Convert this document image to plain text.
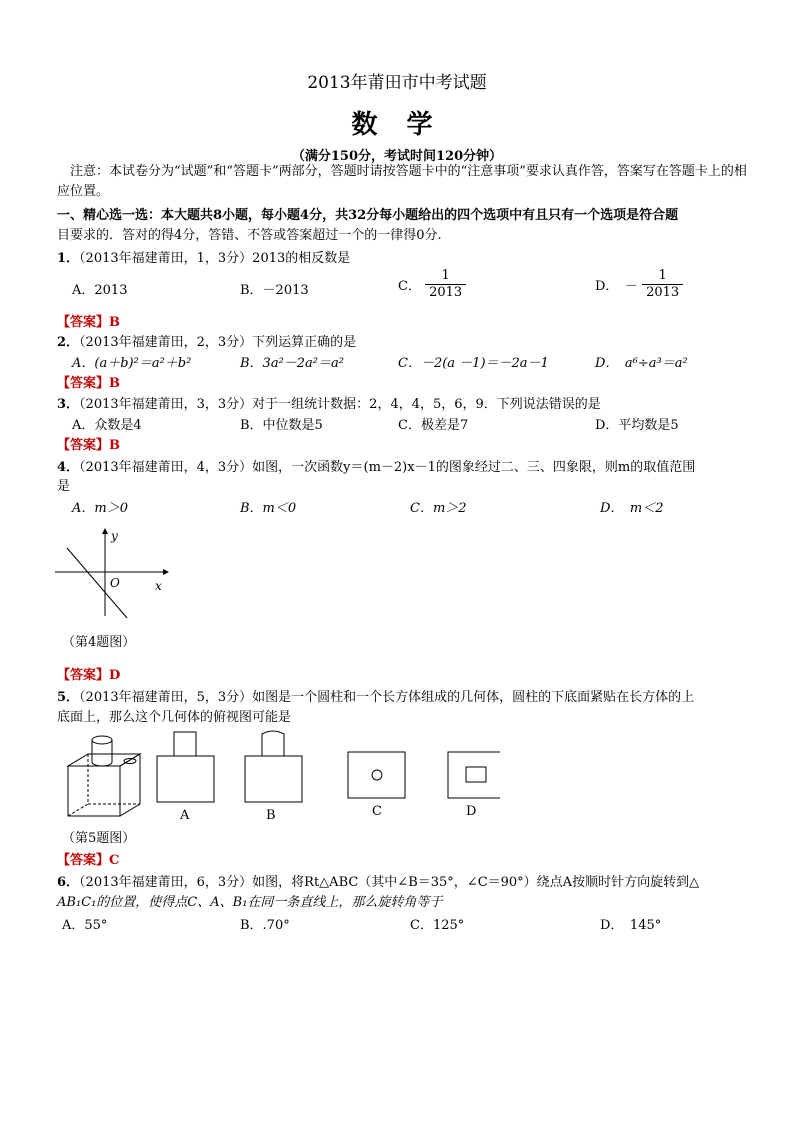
2013年莆田市中考试题
数 学
（满分150分，考试时间120分钟）
注意：本试卷分为“试题”和“答题卡”两部分，答题时请按答题卡中的“注意事项”要求认真作答，答案写在答题卡上的相应位置。
一、精心选一选：本大题共8小题，每小题4分，共32分每小题给出的四个选项中有且只有一个选项是符合题
目要求的．答对的得4分，答错、不答或答案超过一个的一律得0分.
1．（2013年福建莆田，1，3分）2013的相反数是
A．2013	B．－2013	C． $\frac{1}{2013}$	D．　－ $\frac{1}{2013}$
【答案】B
2．（2013年福建莆田，2，3分）下列运算正确的是
A．(a＋b)²＝a²＋b²	B．3a²－2a²＝a²	C．－2(a －1)＝－2a－1	D．　a⁶÷a³＝a²
【答案】B
3．（2013年福建莆田，3，3分）对于一组统计数据：2，4，4，5，6，9．下列说法错误的是
A．众数是4	B．中位数是5	C．极差是7	D．平均数是5
【答案】B
4．（2013年福建莆田，4，3分）如图，一次函数y＝(m－2)x－1的图象经过二、三、四象限，则m的取值范围
是
A．m＞0	B．m＜0	C．m＞2	D．　m＜2
y
x
O
（第4题图）
【答案】D
5．（2013年福建莆田，5，3分）如图是一个圆柱和一个长方体组成的几何体，圆柱的下底面紧贴在长方体的上
底面上，那么这个几何体的俯视图可能是
A	B	C	D
（第5题图）
【答案】C
6．（2013年福建莆田，6，3分）如图，将Rt△ABC（其中∠B＝35°，∠C＝90°）绕点A按顺时针方向旋转到△
AB₁C₁的位置，使得点C、A、B₁在同一条直线上，那么旋转角等于
A．55°	B．.70°	C．125°	D．　145°
